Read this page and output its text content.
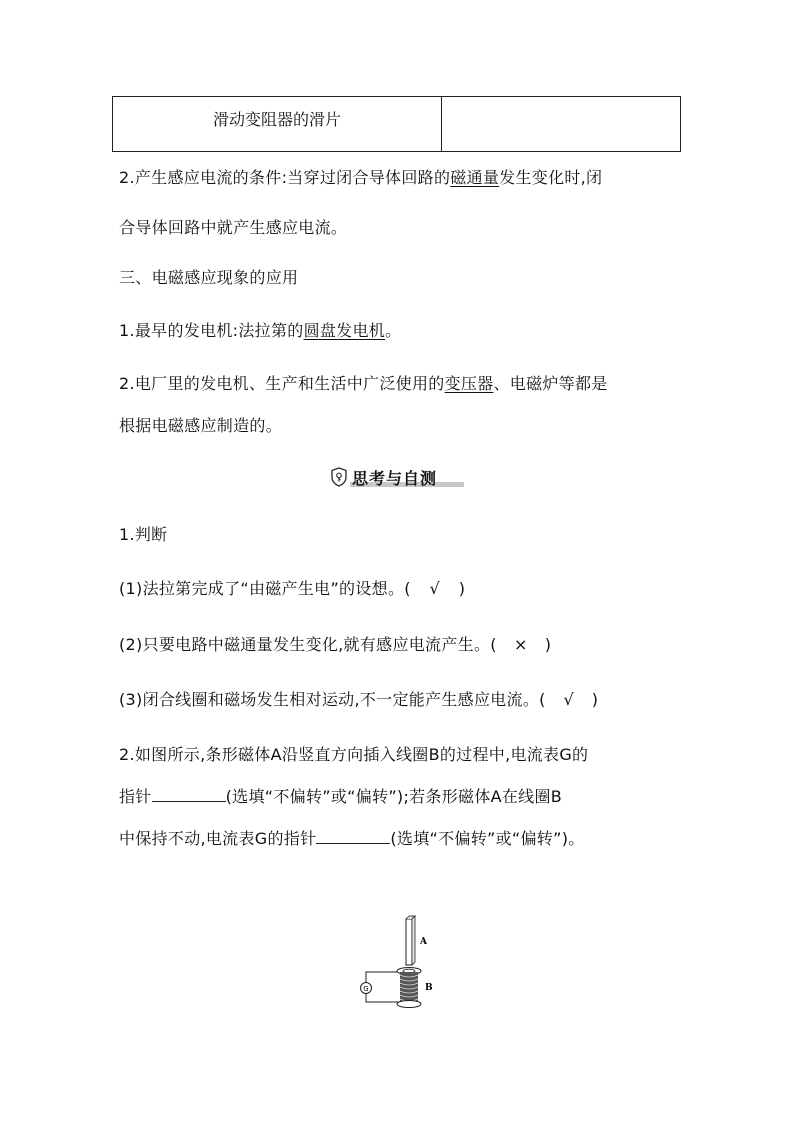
滑动变阻器的滑片	
2.产生感应电流的条件:当穿过闭合导体回路的磁通量发生变化时,闭
合导体回路中就产生感应电流。
三、电磁感应现象的应用
1.最早的发电机:法拉第的圆盘发电机。
2.电厂里的发电机、生产和生活中广泛使用的变压器、电磁炉等都是
根据电磁感应制造的。
思考与自测
1.判断
(1)法拉第完成了“由磁产生电”的设想。( √ )
(2)只要电路中磁通量发生变化,就有感应电流产生。( × )
(3)闭合线圈和磁场发生相对运动,不一定能产生感应电流。( √ )
2.如图所示,条形磁体A沿竖直方向插入线圈B的过程中,电流表G的
指针	(选填“不偏转”或“偏转”);若条形磁体A在线圈B
中保持不动,电流表G的指针	(选填“不偏转”或“偏转”)。
A
G	B
